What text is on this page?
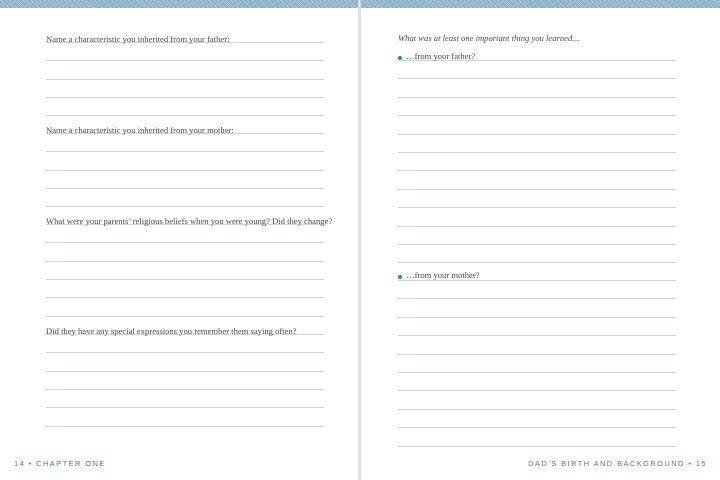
Name a characteristic you inherited from your father:
Name a characteristic you inherited from your mother:
What were your parents’ religious beliefs when you were young? Did they change?
Did they have any special expressions you remember them saying often?
14 • CHAPTER ONE
What was at least one important thing you learned…
…from your father?
…from your mother?
DAD’S BIRTH AND BACKGROUND • 15
